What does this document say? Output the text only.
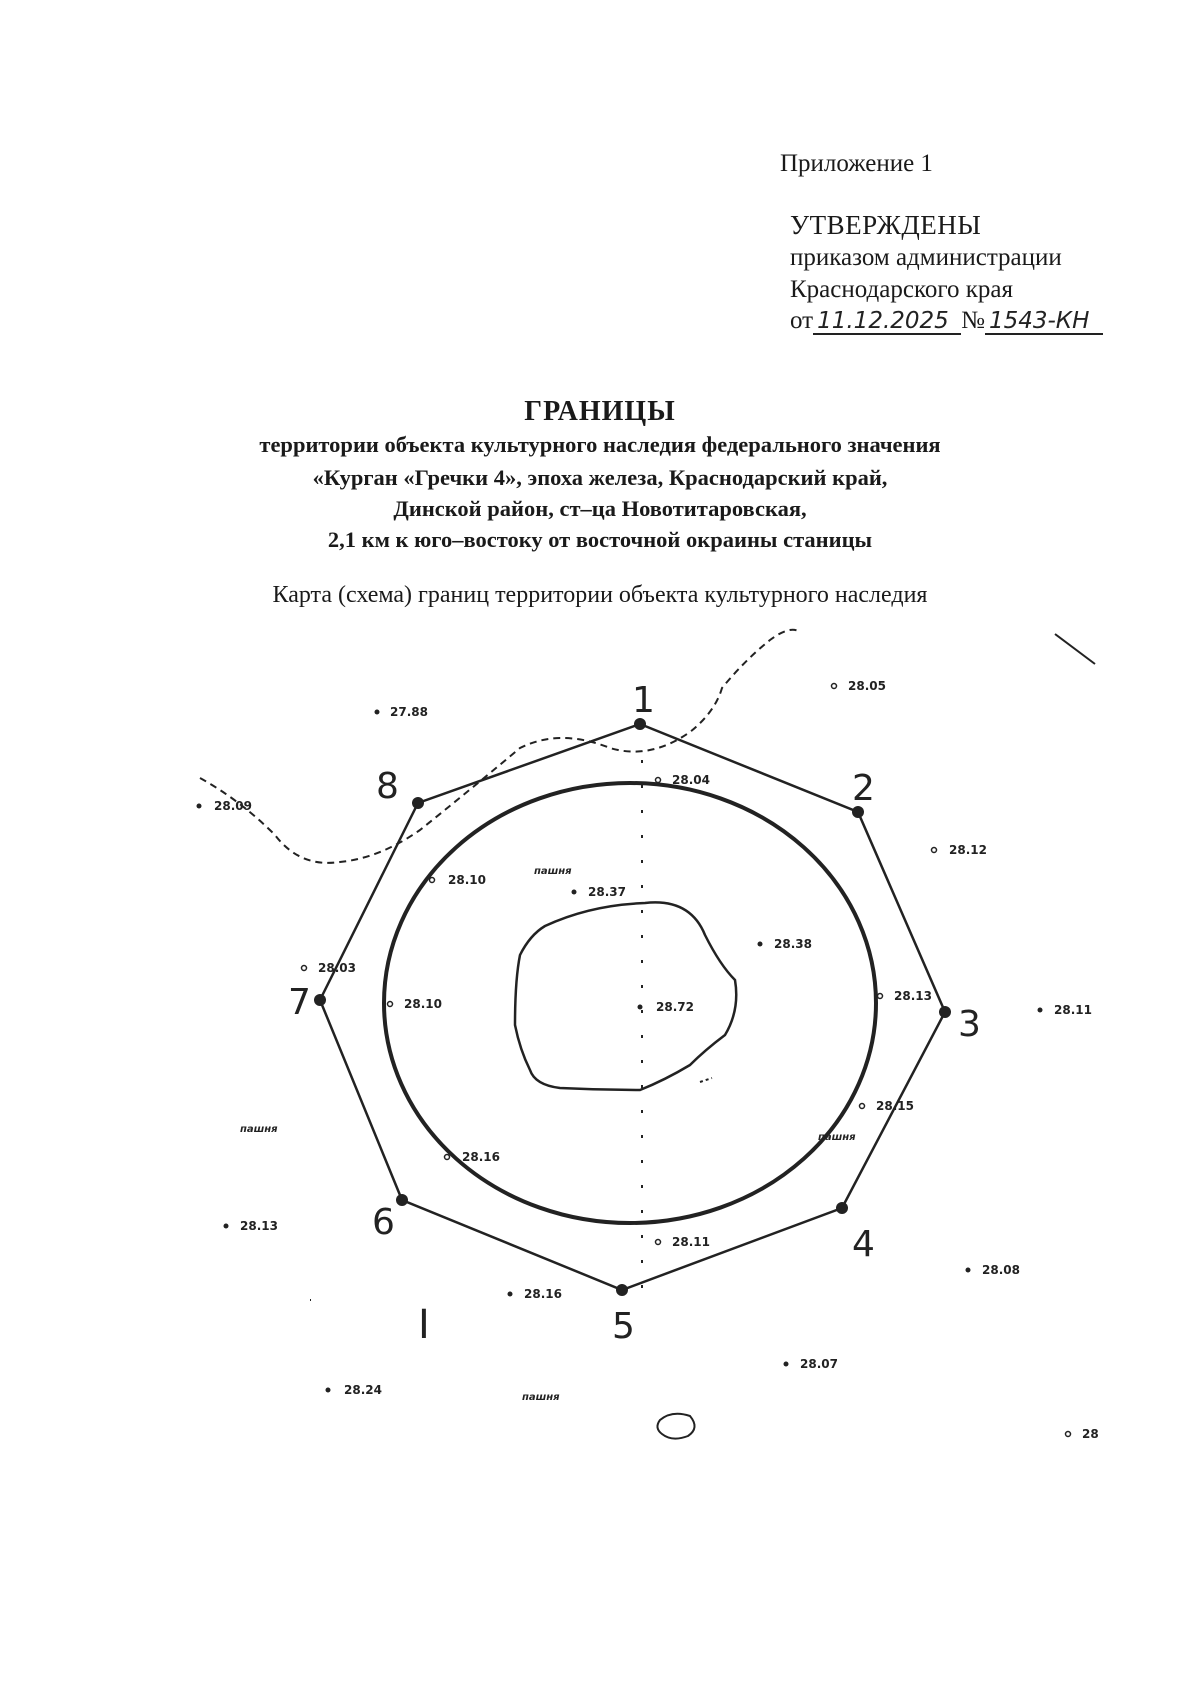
Приложение 1
УТВЕРЖДЕНЫ
приказом администрации
Краснодарского края
от 11.12.2025 № 1543-КН
ГРАНИЦЫ
территории объекта культурного наследия федерального значения
«Курган «Гречки 4», эпоха железа, Краснодарский край,
Динской район, ст–ца Новотитаровская,
2,1 км к юго–востоку от восточной окраины станицы
Карта (схема) границ территории объекта культурного наследия
1
2
3
4
5
6
7
8
27.88
28.05
28.04
28.09
28.12
28.10
28.37
28.38
28.03
28.10	28.72
28.13
28.11
28.15
28.16
28.13
28.11
28.08
28.16
28.07
28.24
28
пашня
пашня
пашня
пашня
I
